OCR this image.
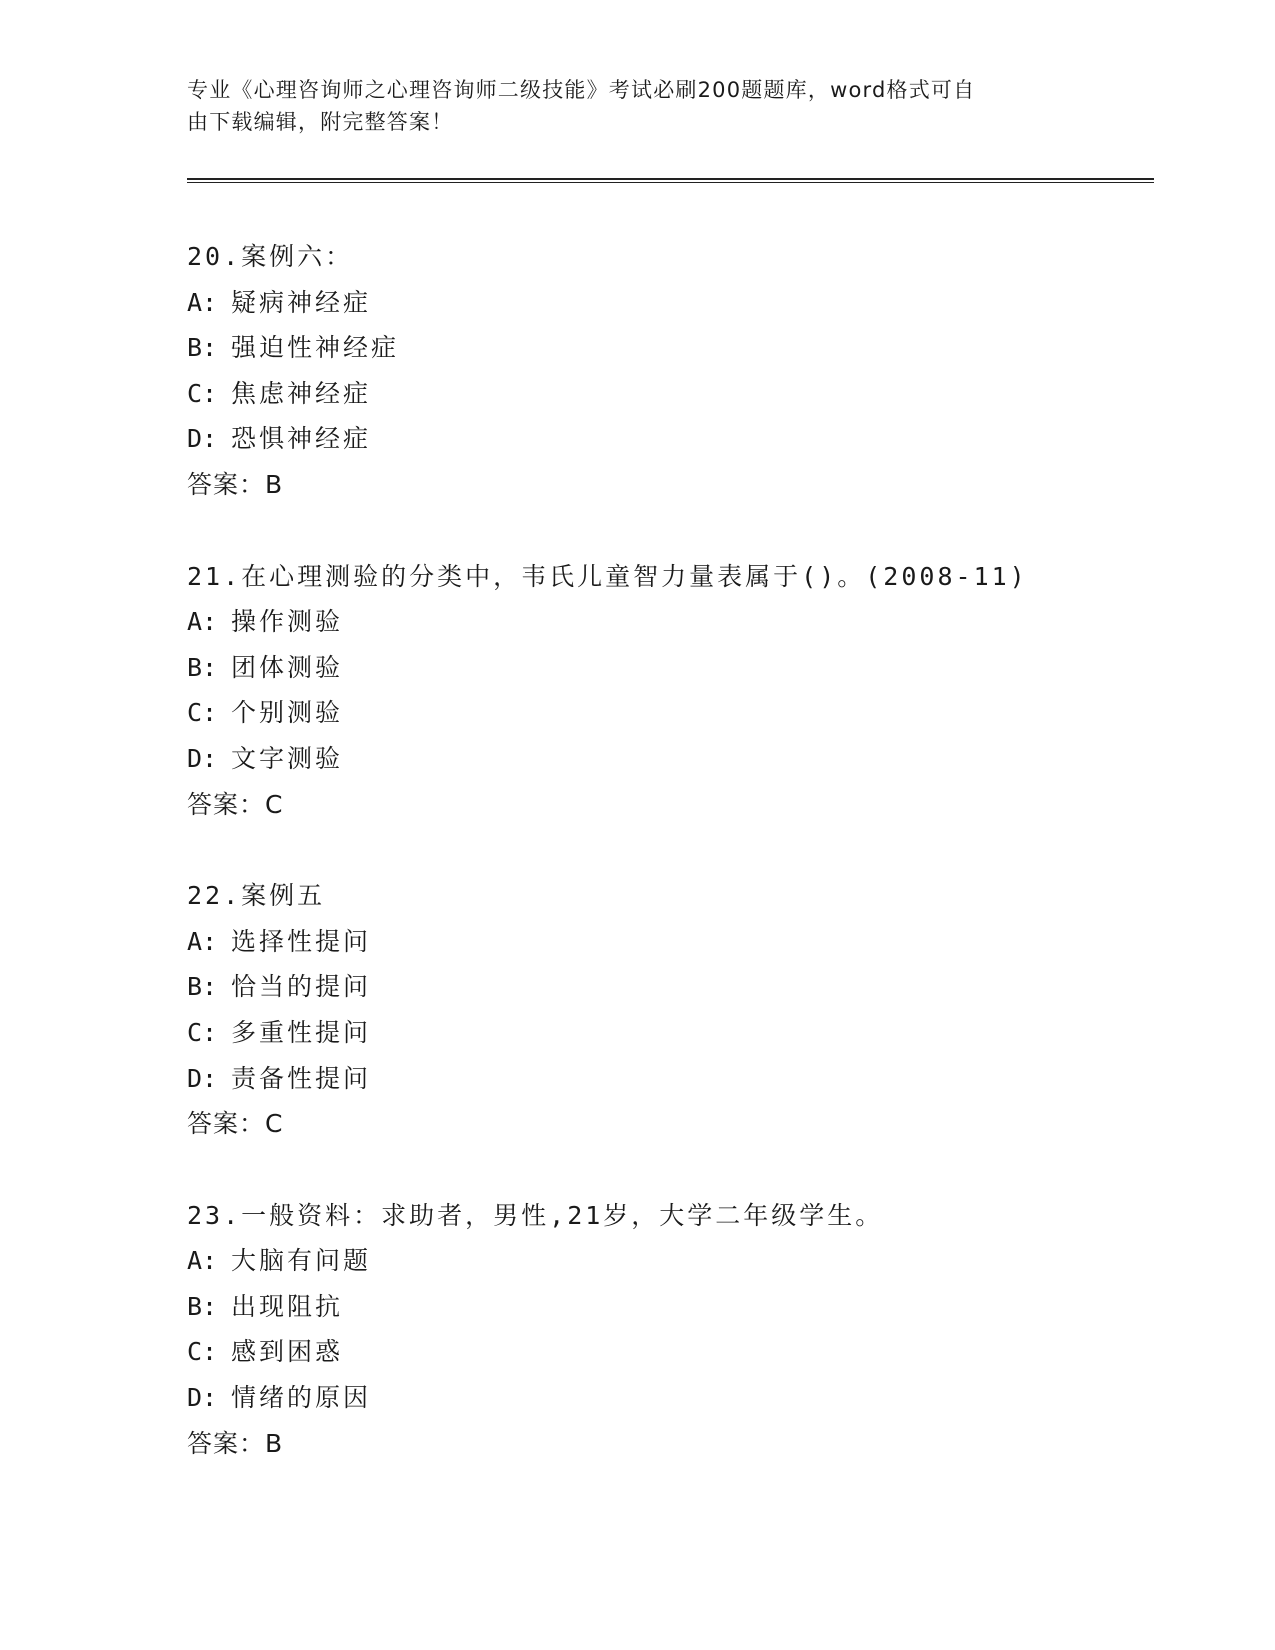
专业《心理咨询师之心理咨询师二级技能》考试必刷200题题库，word格式可自
由下载编辑，附完整答案！
20.案例六：
A: 疑病神经症
B: 强迫性神经症
C: 焦虑神经症
D: 恐惧神经症
答案：B
21.在心理测验的分类中，韦氏儿童智力量表属于()。(2008-11)
A: 操作测验
B: 团体测验
C: 个别测验
D: 文字测验
答案：C
22.案例五
A: 选择性提问
B: 恰当的提问
C: 多重性提问
D: 责备性提问
答案：C
23.一般资料：求助者，男性,21岁，大学二年级学生。
A: 大脑有问题
B: 出现阻抗
C: 感到困惑
D: 情绪的原因
答案：B
